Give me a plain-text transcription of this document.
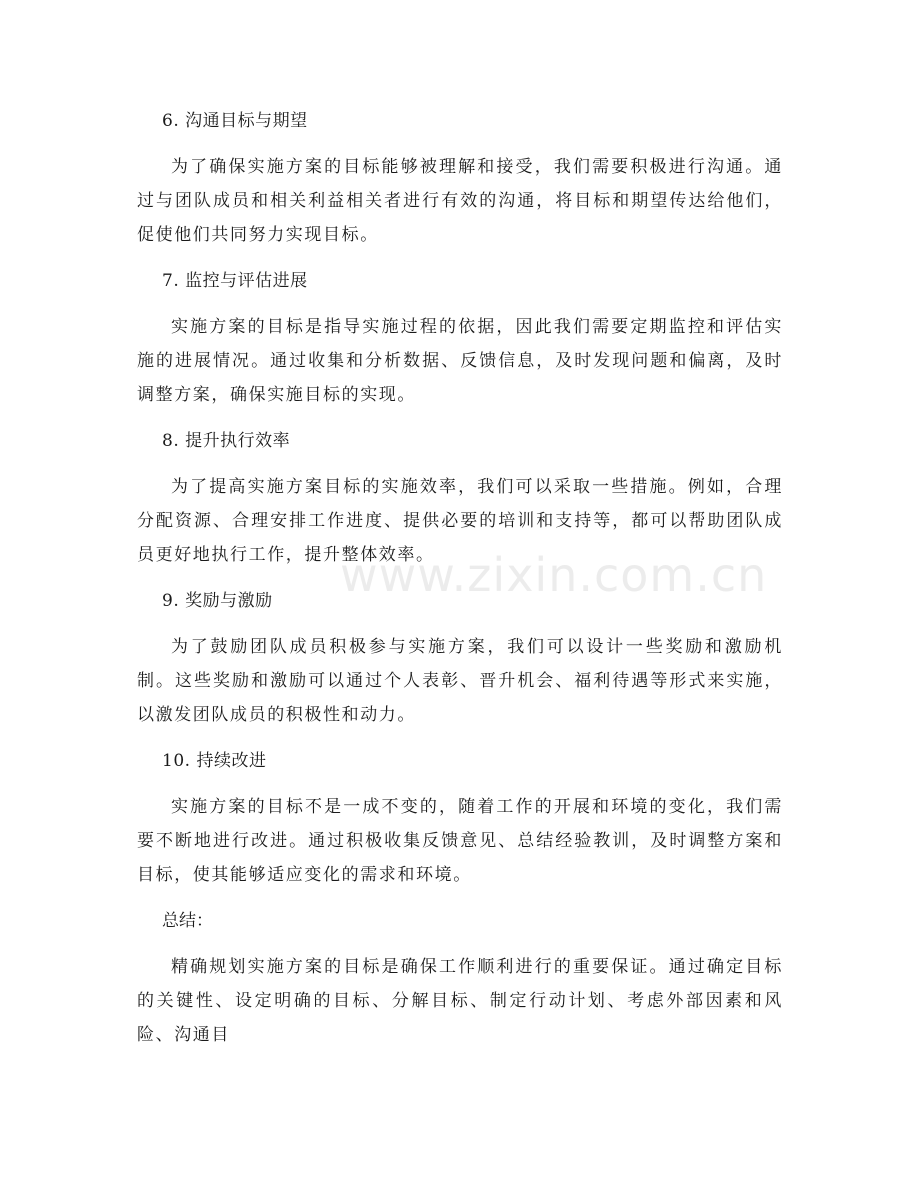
6. 沟通目标与期望

为了确保实施方案的目标能够被理解和接受，我们需要积极进行沟通。通过与团队成员和相关利益相关者进行有效的沟通，将目标和期望传达给他们，促使他们共同努力实现目标。

7. 监控与评估进展

实施方案的目标是指导实施过程的依据，因此我们需要定期监控和评估实施的进展情况。通过收集和分析数据、反馈信息，及时发现问题和偏离，及时调整方案，确保实施目标的实现。

8. 提升执行效率

为了提高实施方案目标的实施效率，我们可以采取一些措施。例如，合理分配资源、合理安排工作进度、提供必要的培训和支持等，都可以帮助团队成员更好地执行工作，提升整体效率。

9. 奖励与激励

为了鼓励团队成员积极参与实施方案，我们可以设计一些奖励和激励机制。这些奖励和激励可以通过个人表彰、晋升机会、福利待遇等形式来实施，以激发团队成员的积极性和动力。

10. 持续改进

实施方案的目标不是一成不变的，随着工作的开展和环境的变化，我们需要不断地进行改进。通过积极收集反馈意见、总结经验教训，及时调整方案和目标，使其能够适应变化的需求和环境。

总结：

精确规划实施方案的目标是确保工作顺利进行的重要保证。通过确定目标的关键性、设定明确的目标、分解目标、制定行动计划、考虑外部因素和风险、沟通目

www.zixin.com.cn
